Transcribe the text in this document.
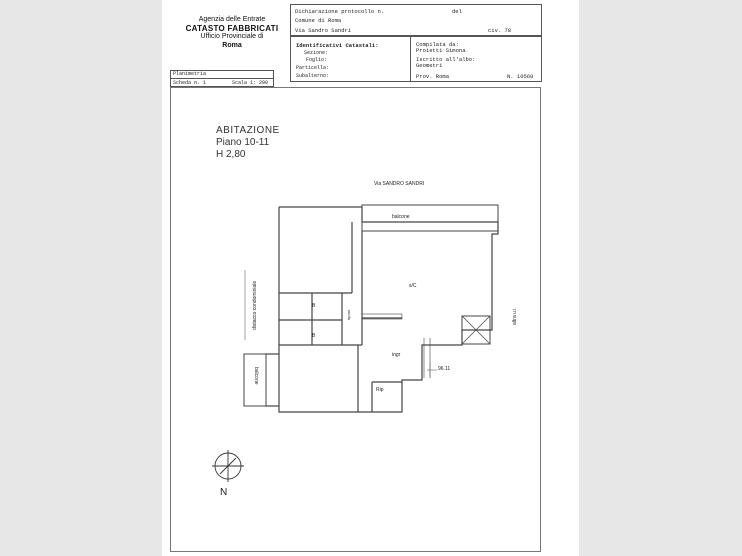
Agenzia delle Entrate
CATASTO FABBRICATI
Ufficio Provinciale di
Roma
Dichiarazione protocollo n.	del
Comune di Roma
Via Sandro Sandri	civ. 78
Identificativi Catastali:
Sezione:
Foglio:
Particella:
Subalterno:
Compilata da:
Proietti Simona
Iscritto all'albo:
Geometri
Prov. Roma	N. 10560
Planimetria
Scheda n. 1	Scala 1: 200
ABITAZIONE
Piano 10-11
H 2,80
Via SANDRO SANDRI
balcone
balcone
distacco condominiale	altra u.i.
ripost.
s/C
B
B
ingr
Rip
96.11
N
